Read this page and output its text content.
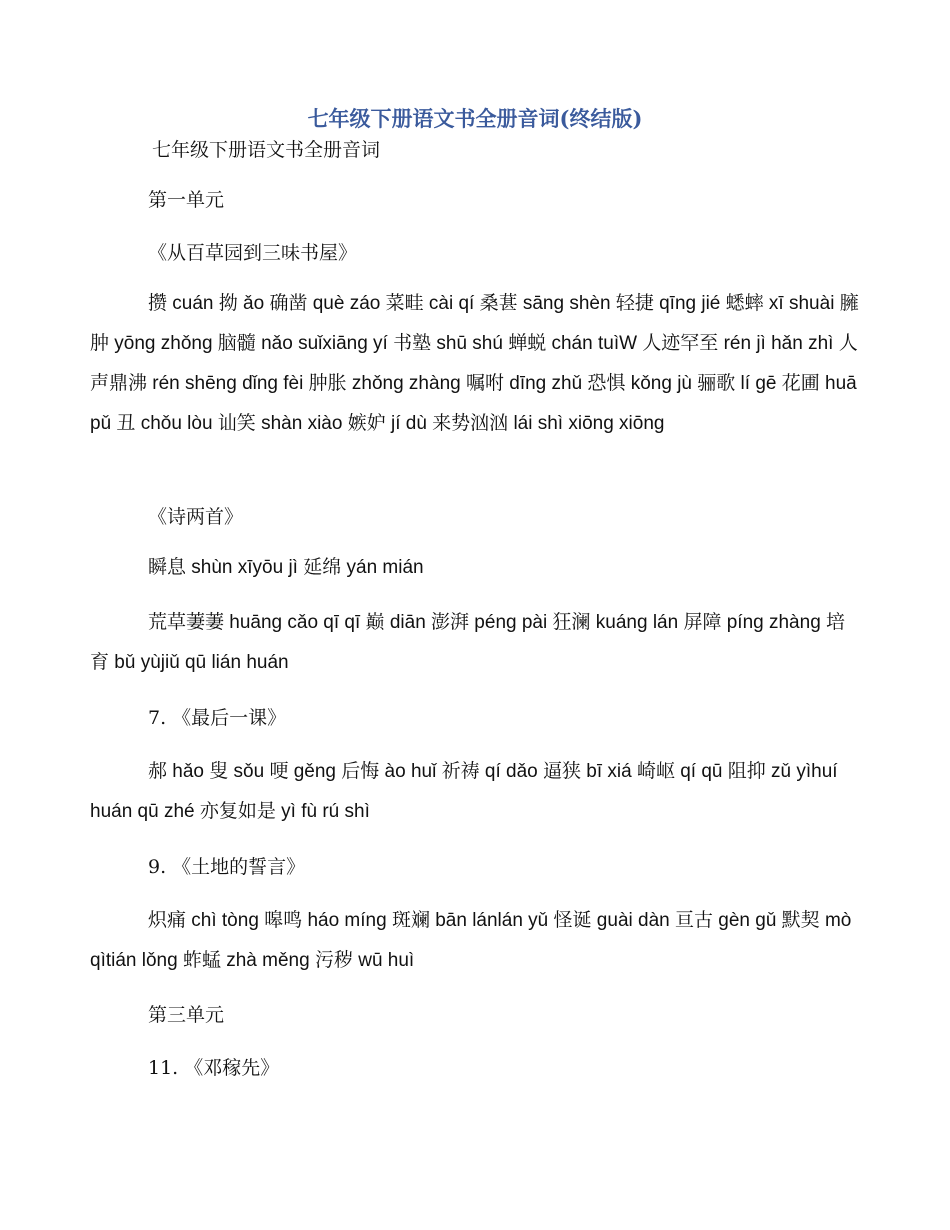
七年级下册语文书全册音词(终结版)

七年级下册语文书全册音词

第一单元

《从百草园到三味书屋》

攒 cuán 拗 ǎo 确凿 què záo 菜畦 cài qí 桑葚 sāng shèn 轻捷 qīng jié 蟋蟀 xī shuài 臃肿 yōng zhǒng 脑髓 nǎo suǐxiāng yí 书塾 shū shú 蝉蜕 chán tuìW 人迹罕至 rén jì hǎn zhì 人声鼎沸 rén shēng dǐng fèi 肿胀 zhǒng zhàng 嘱咐 dīng zhǔ 恐惧 kǒng jù 骊歌 lí gē 花圃 huā pǔ 丑 chǒu lòu 讪笑 shàn xiào 嫉妒 jí dù 来势汹汹 lái shì xiōng xiōng

《诗两首》

瞬息 shùn xīyōu jì 延绵 yán mián

荒草萋萋 huāng cǎo qī qī 巅 diān 澎湃 péng pài 狂澜 kuáng lán 屏障 píng zhàng 培育 bǔ yùjiǔ qū lián huán

7. 《最后一课》

郝 hǎo 叟 sǒu 哽 gěng 后悔 ào huǐ 祈祷 qí dǎo 逼狭 bī xiá 崎岖 qí qū 阻抑 zǔ yìhuí huán qū zhé 亦复如是 yì fù rú shì

9. 《土地的誓言》

炽痛 chì tòng 嗥鸣 háo míng 斑斓 bān lánlán yǔ 怪诞 guài dàn 亘古 gèn gǔ 默契 mò qìtián lǒng 蚱蜢 zhà měng 污秽 wū huì

第三单元

11. 《邓稼先》
